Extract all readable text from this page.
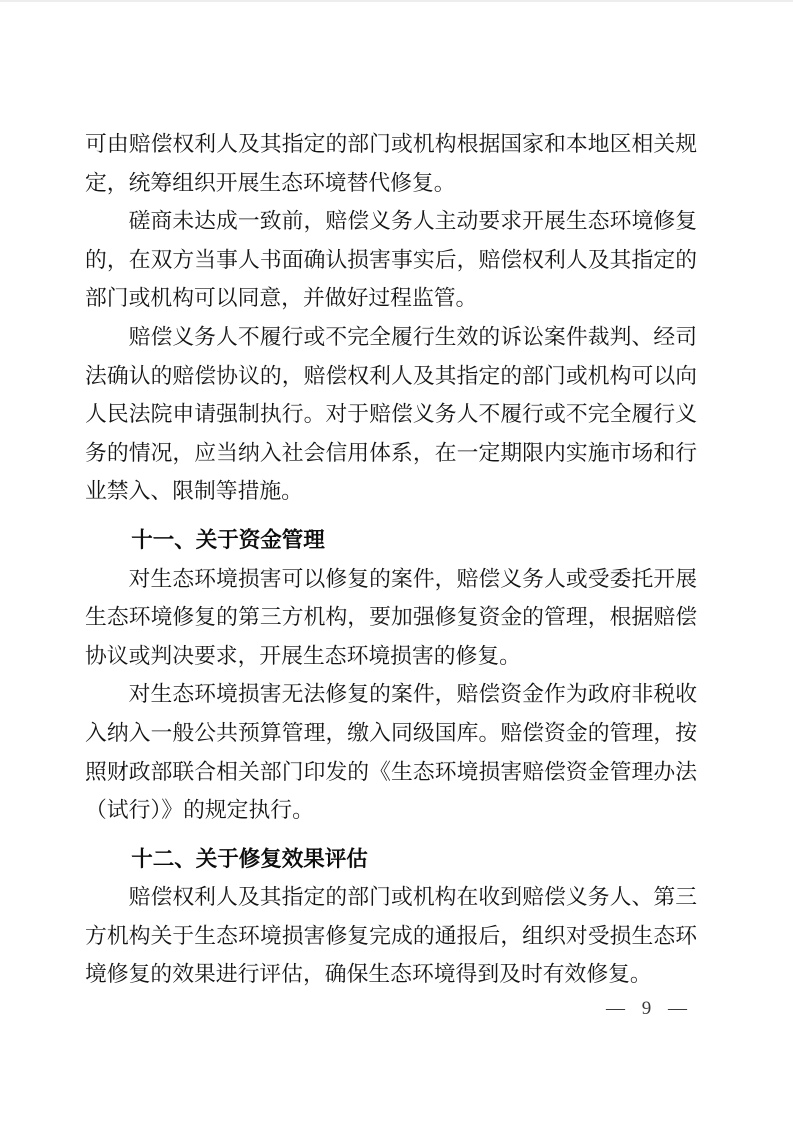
可由赔偿权利人及其指定的部门或机构根据国家和本地区相关规定，统筹组织开展生态环境替代修复。

磋商未达成一致前，赔偿义务人主动要求开展生态环境修复的，在双方当事人书面确认损害事实后，赔偿权利人及其指定的部门或机构可以同意，并做好过程监管。

赔偿义务人不履行或不完全履行生效的诉讼案件裁判、经司法确认的赔偿协议的，赔偿权利人及其指定的部门或机构可以向人民法院申请强制执行。对于赔偿义务人不履行或不完全履行义务的情况，应当纳入社会信用体系，在一定期限内实施市场和行业禁入、限制等措施。

十一、关于资金管理

对生态环境损害可以修复的案件，赔偿义务人或受委托开展生态环境修复的第三方机构，要加强修复资金的管理，根据赔偿协议或判决要求，开展生态环境损害的修复。

对生态环境损害无法修复的案件，赔偿资金作为政府非税收入纳入一般公共预算管理，缴入同级国库。赔偿资金的管理，按照财政部联合相关部门印发的《生态环境损害赔偿资金管理办法（试行）》的规定执行。

十二、关于修复效果评估

赔偿权利人及其指定的部门或机构在收到赔偿义务人、第三方机构关于生态环境损害修复完成的通报后，组织对受损生态环境修复的效果进行评估，确保生态环境得到及时有效修复。

— 9 —
